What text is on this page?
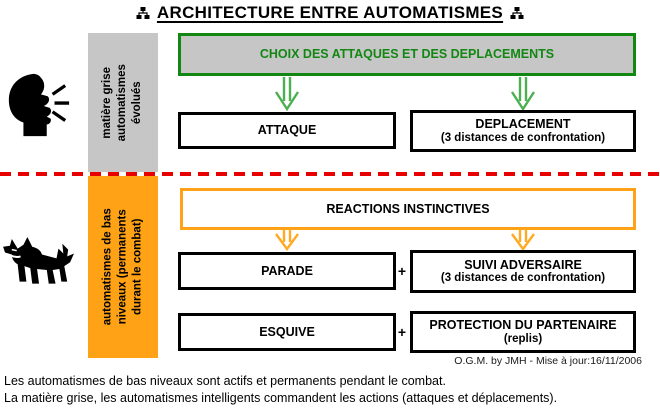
ARCHITECTURE ENTRE AUTOMATISMES
matière grise automatismes évolués
automatismes de bas niveaux (permanents durant le combat)
CHOIX DES ATTAQUES ET DES DEPLACEMENTS
ATTAQUE	DEPLACEMENT
(3 distances de confrontation)
REACTIONS INSTINCTIVES
PARADE	+	SUIVI ADVERSAIRE
(3 distances de confrontation)
ESQUIVE	+ PROTECTION DU PARTENAIRE
(replis)
O.G.M. by JMH - Mise à jour:16/11/2006
Les automatismes de bas niveaux sont actifs et permanents pendant le combat.
La matière grise, les automatismes intelligents commandent les actions (attaques et déplacements).
